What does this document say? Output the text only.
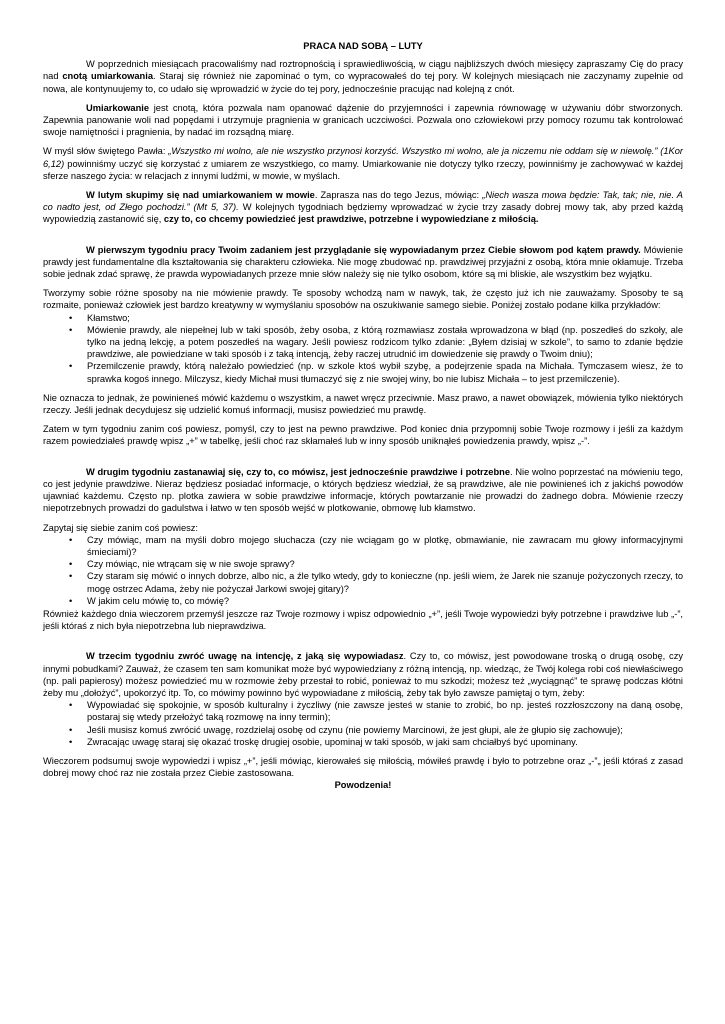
PRACA NAD SOBĄ – LUTY

W poprzednich miesiącach pracowaliśmy nad roztropnością i sprawiedliwością, w ciągu najbliższych dwóch miesięcy zapraszamy Cię do pracy nad cnotą umiarkowania. Staraj się również nie zapominać o tym, co wypracowałeś do tej pory. W kolejnych miesiącach nie zaczynamy zupełnie od nowa, ale kontynuujemy to, co udało się wprowadzić w życie do tej pory, jednocześnie pracując nad kolejną z cnót.

Umiarkowanie jest cnotą, która pozwala nam opanować dążenie do przyjemności i zapewnia równowagę w używaniu dóbr stworzonych. Zapewnia panowanie woli nad popędami i utrzymuje pragnienia w granicach uczciwości. Pozwala ono człowiekowi przy pomocy rozumu tak kontrolować swoje namiętności i pragnienia, by nadać im rozsądną miarę.

W myśl słów świętego Pawła: „Wszystko mi wolno, ale nie wszystko przynosi korzyść. Wszystko mi wolno, ale ja niczemu nie oddam się w niewolę.” (1Kor 6,12) powinniśmy uczyć się korzystać z umiarem ze wszystkiego, co mamy. Umiarkowanie nie dotyczy tylko rzeczy, powinniśmy je zachowywać w każdej sferze naszego życia: w relacjach z innymi ludźmi, w mowie, w myślach.

W lutym skupimy się nad umiarkowaniem w mowie. Zaprasza nas do tego Jezus, mówiąc: „Niech wasza mowa będzie: Tak, tak; nie, nie. A co nadto jest, od Złego pochodzi.” (Mt 5, 37). W kolejnych tygodniach będziemy wprowadzać w życie trzy zasady dobrej mowy tak, aby przed każdą wypowiedzią zastanowić się, czy to, co chcemy powiedzieć jest prawdziwe, potrzebne i wypowiedziane z miłością.

W pierwszym tygodniu pracy Twoim zadaniem jest przyglądanie się wypowiadanym przez Ciebie słowom pod kątem prawdy. Mówienie prawdy jest fundamentalne dla kształtowania się charakteru człowieka. Nie mogę zbudować np. prawdziwej przyjaźni z osobą, która mnie okłamuje. Trzeba sobie jednak zdać sprawę, że prawda wypowiadanych przeze mnie słów należy się nie tylko osobom, które są mi bliskie, ale wszystkim bez wyjątku.

Tworzymy sobie różne sposoby na nie mówienie prawdy. Te sposoby wchodzą nam w nawyk, tak, że często już ich nie zauważamy. Sposoby te są rozmaite, ponieważ człowiek jest bardzo kreatywny w wymyślaniu sposobów na oszukiwanie samego siebie. Poniżej zostało podane kilka przykładów:

• Kłamstwo;
• Mówienie prawdy, ale niepełnej lub w taki sposób, żeby osoba, z którą rozmawiasz została wprowadzona w błąd (np. poszedłeś do szkoły, ale tylko na jedną lekcję, a potem poszedłeś na wagary. Jeśli powiesz rodzicom tylko zdanie: „Byłem dzisiaj w szkole”, to samo to zdanie będzie prawdziwe, ale powiedziane w taki sposób i z taką intencją, żeby raczej utrudnić im dowiedzenie się prawdy o Twoim dniu);
• Przemilczenie prawdy, którą należało powiedzieć (np. w szkole ktoś wybił szybę, a podejrzenie spada na Michała. Tymczasem wiesz, że to sprawka kogoś innego. Milczysz, kiedy Michał musi tłumaczyć się z nie swojej winy, bo nie lubisz Michała – to jest przemilczenie).

Nie oznacza to jednak, że powinieneś mówić każdemu o wszystkim, a nawet wręcz przeciwnie. Masz prawo, a nawet obowiązek, mówienia tylko niektórych rzeczy. Jeśli jednak decydujesz się udzielić komuś informacji, musisz powiedzieć mu prawdę.

Zatem w tym tygodniu zanim coś powiesz, pomyśl, czy to jest na pewno prawdziwe. Pod koniec dnia przypomnij sobie Twoje rozmowy i jeśli za każdym razem powiedziałeś prawdę wpisz „+” w tabelkę, jeśli choć raz skłamałeś lub w inny sposób uniknąłeś powiedzenia prawdy, wpisz „-”.

W drugim tygodniu zastanawiaj się, czy to, co mówisz, jest jednocześnie prawdziwe i potrzebne. Nie wolno poprzestać na mówieniu tego, co jest jedynie prawdziwe. Nieraz będziesz posiadać informacje, o których będziesz wiedział, że są prawdziwe, ale nie powinieneś ich z jakichś powodów ujawniać każdemu. Często np. plotka zawiera w sobie prawdziwe informacje, których powtarzanie nie prowadzi do żadnego dobra. Mówienie rzeczy niepotrzebnych prowadzi do gadulstwa i łatwo w ten sposób wejść w plotkowanie, obmowę lub kłamstwo.

Zapytaj się siebie zanim coś powiesz:

• Czy mówiąc, mam na myśli dobro mojego słuchacza (czy nie wciągam go w plotkę, obmawianie, nie zawracam mu głowy informacyjnymi śmieciami)?
• Czy mówiąc, nie wtrącam się w nie swoje sprawy?
• Czy staram się mówić o innych dobrze, albo nic, a źle tylko wtedy, gdy to konieczne (np. jeśli wiem, że Jarek nie szanuje pożyczonych rzeczy, to mogę ostrzec Adama, żeby nie pożyczał Jarkowi swojej gitary)?
• W jakim celu mówię to, co mówię?

Również każdego dnia wieczorem przemyśl jeszcze raz Twoje rozmowy i wpisz odpowiednio „+”, jeśli Twoje wypowiedzi były potrzebne i prawdziwe lub „-”, jeśli któraś z nich była niepotrzebna lub nieprawdziwa.

W trzecim tygodniu zwróć uwagę na intencję, z jaką się wypowiadasz. Czy to, co mówisz, jest powodowane troską o drugą osobę, czy innymi pobudkami? Zauważ, że czasem ten sam komunikat może być wypowiedziany z różną intencją, np. wiedząc, że Twój kolega robi coś niewłaściwego (np. pali papierosy) możesz powiedzieć mu w rozmowie żeby przestał to robić, ponieważ to mu szkodzi; możesz też „wyciągnąć” te sprawę podczas kłótni żeby mu „dołożyć”, upokorzyć itp. To, co mówimy powinno być wypowiadane z miłością, żeby tak było zawsze pamiętaj o tym, żeby:

• Wypowiadać się spokojnie, w sposób kulturalny i życzliwy (nie zawsze jesteś w stanie to zrobić, bo np. jesteś rozzłoszczony na daną osobę, postaraj się wtedy przełożyć taką rozmowę na inny termin);
• Jeśli musisz komuś zwrócić uwagę, rozdzielaj osobę od czynu (nie powiemy Marcinowi, że jest głupi, ale że głupio się zachowuje);
• Zwracając uwagę staraj się okazać troskę drugiej osobie, upominaj w taki sposób, w jaki sam chciałbyś być upominany.

Wieczorem podsumuj swoje wypowiedzi i wpisz „+”, jeśli mówiąc, kierowałeś się miłością, mówiłeś prawdę i było to potrzebne oraz „-”„ jeśli któraś z zasad dobrej mowy choć raz nie została przez Ciebie zastosowana.

Powodzenia!
